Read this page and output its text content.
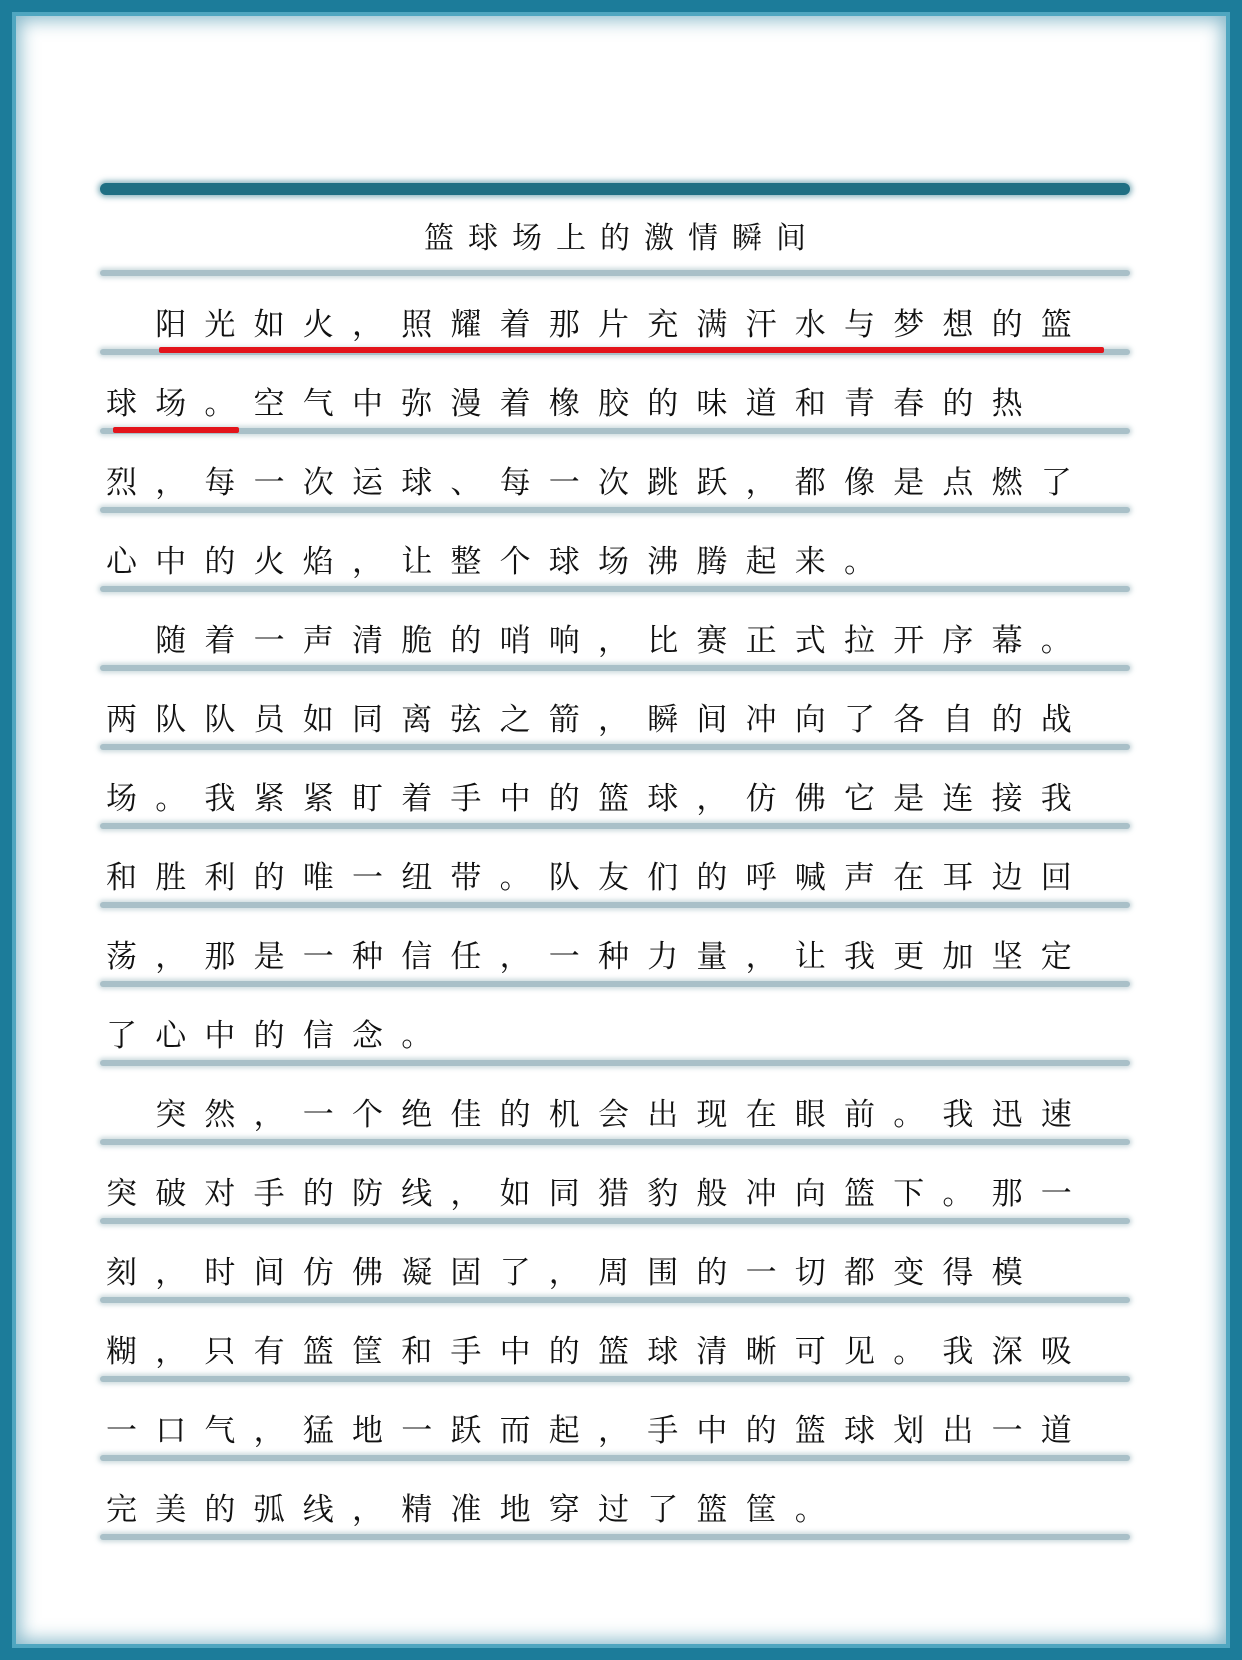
篮球场上的激情瞬间
　阳光如火，照耀着那片充满汗水与梦想的篮
球场。空气中弥漫着橡胶的味道和青春的热
烈，每一次运球、每一次跳跃，都像是点燃了
心中的火焰，让整个球场沸腾起来。
　随着一声清脆的哨响，比赛正式拉开序幕。
两队队员如同离弦之箭，瞬间冲向了各自的战
场。我紧紧盯着手中的篮球，仿佛它是连接我
和胜利的唯一纽带。队友们的呼喊声在耳边回
荡，那是一种信任，一种力量，让我更加坚定
了心中的信念。
　突然，一个绝佳的机会出现在眼前。我迅速
突破对手的防线，如同猎豹般冲向篮下。那一
刻，时间仿佛凝固了，周围的一切都变得模
糊，只有篮筐和手中的篮球清晰可见。我深吸
一口气，猛地一跃而起，手中的篮球划出一道
完美的弧线，精准地穿过了篮筐。
